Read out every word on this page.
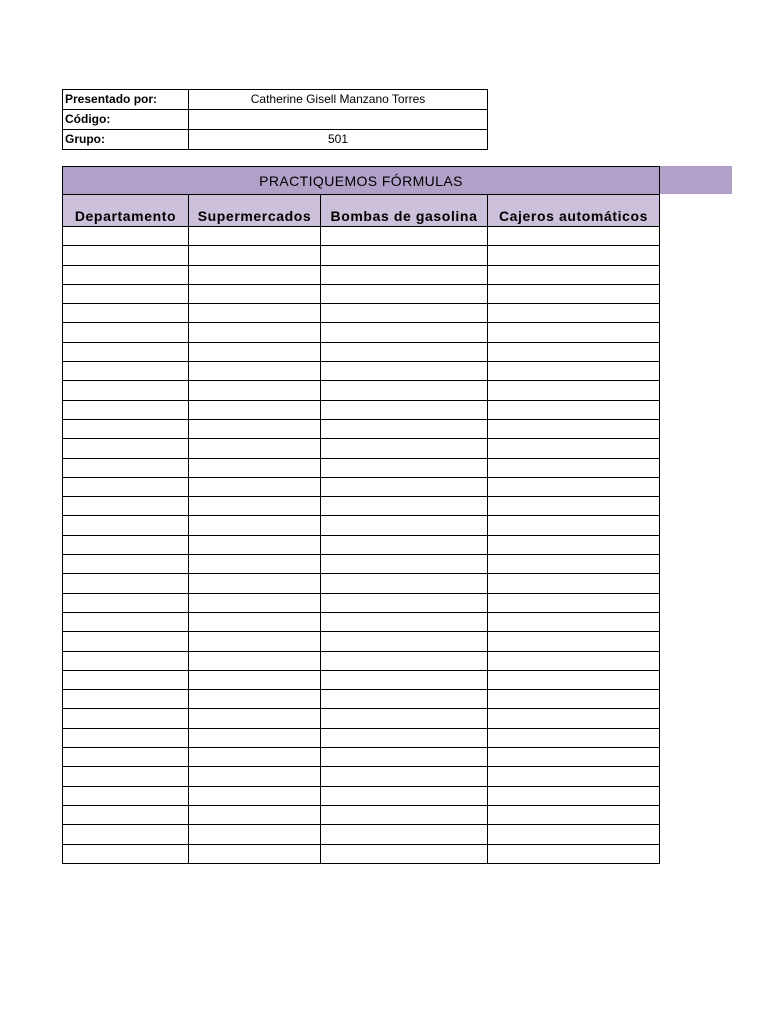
Presentado por:	Catherine Gisell Manzano Torres
Código:	
Grupo:	501
PRACTIQUEMOS FÓRMULAS			
Departamento	Supermercados	Bombas de gasolina	Cajeros automáticos
